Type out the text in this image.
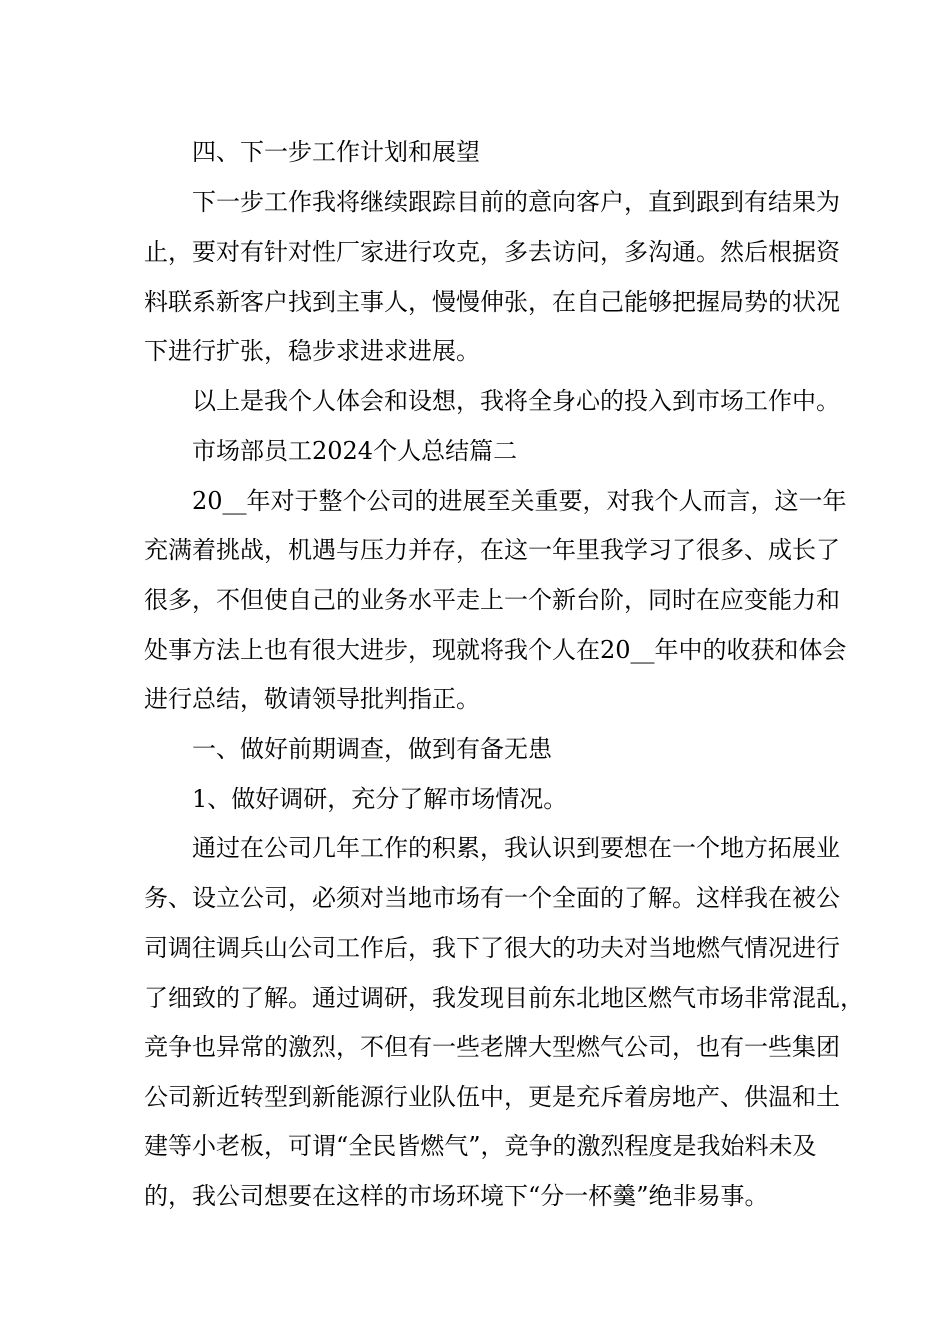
四、下一步工作计划和展望
下一步工作我将继续跟踪目前的意向客户，直到跟到有结果为
止，要对有针对性厂家进行攻克，多去访问，多沟通。然后根据资
料联系新客户找到主事人，慢慢伸张，在自己能够把握局势的状况
下进行扩张，稳步求进求进展。
以上是我个人体会和设想，我将全身心的投入到市场工作中。
市场部员工2024个人总结篇二
20__年对于整个公司的进展至关重要，对我个人而言，这一年
充满着挑战，机遇与压力并存，在这一年里我学习了很多、成长了
很多，不但使自己的业务水平走上一个新台阶，同时在应变能力和
处事方法上也有很大进步，现就将我个人在20__年中的收获和体会
进行总结，敬请领导批判指正。
一、做好前期调查，做到有备无患
1、做好调研，充分了解市场情况。
通过在公司几年工作的积累，我认识到要想在一个地方拓展业
务、设立公司，必须对当地市场有一个全面的了解。这样我在被公
司调往调兵山公司工作后，我下了很大的功夫对当地燃气情况进行
了细致的了解。通过调研，我发现目前东北地区燃气市场非常混乱，
竞争也异常的激烈，不但有一些老牌大型燃气公司，也有一些集团
公司新近转型到新能源行业队伍中，更是充斥着房地产、供温和土
建等小老板，可谓“全民皆燃气”，竞争的激烈程度是我始料未及
的，我公司想要在这样的市场环境下“分一杯羹”绝非易事。
